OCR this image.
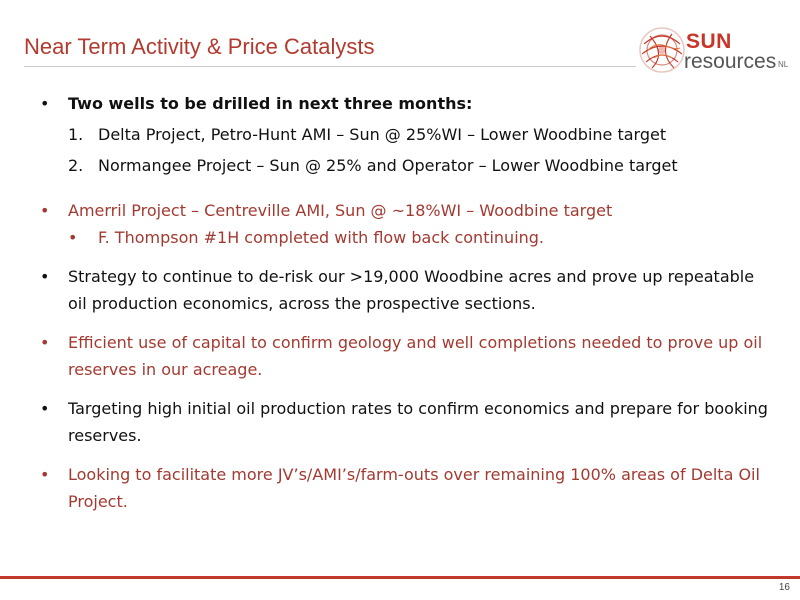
Near Term Activity & Price Catalysts	SUN
resources NL
• Two wells to be drilled in next three months:
1. Delta Project, Petro-Hunt AMI – Sun @ 25%WI – Lower Woodbine target
2. Normangee Project – Sun @ 25% and Operator – Lower Woodbine target
• Amerril Project – Centreville AMI, Sun @ ~18%WI – Woodbine target
• F. Thompson #1H completed with flow back continuing.
• Strategy to continue to de-risk our >19,000 Woodbine acres and prove up repeatable oil production economics, across the prospective sections.
• Efficient use of capital to confirm geology and well completions needed to prove up oil reserves in our acreage.
• Targeting high initial oil production rates to confirm economics and prepare for booking reserves.
• Looking to facilitate more JV’s/AMI’s/farm-outs over remaining 100% areas of Delta Oil Project.
16
